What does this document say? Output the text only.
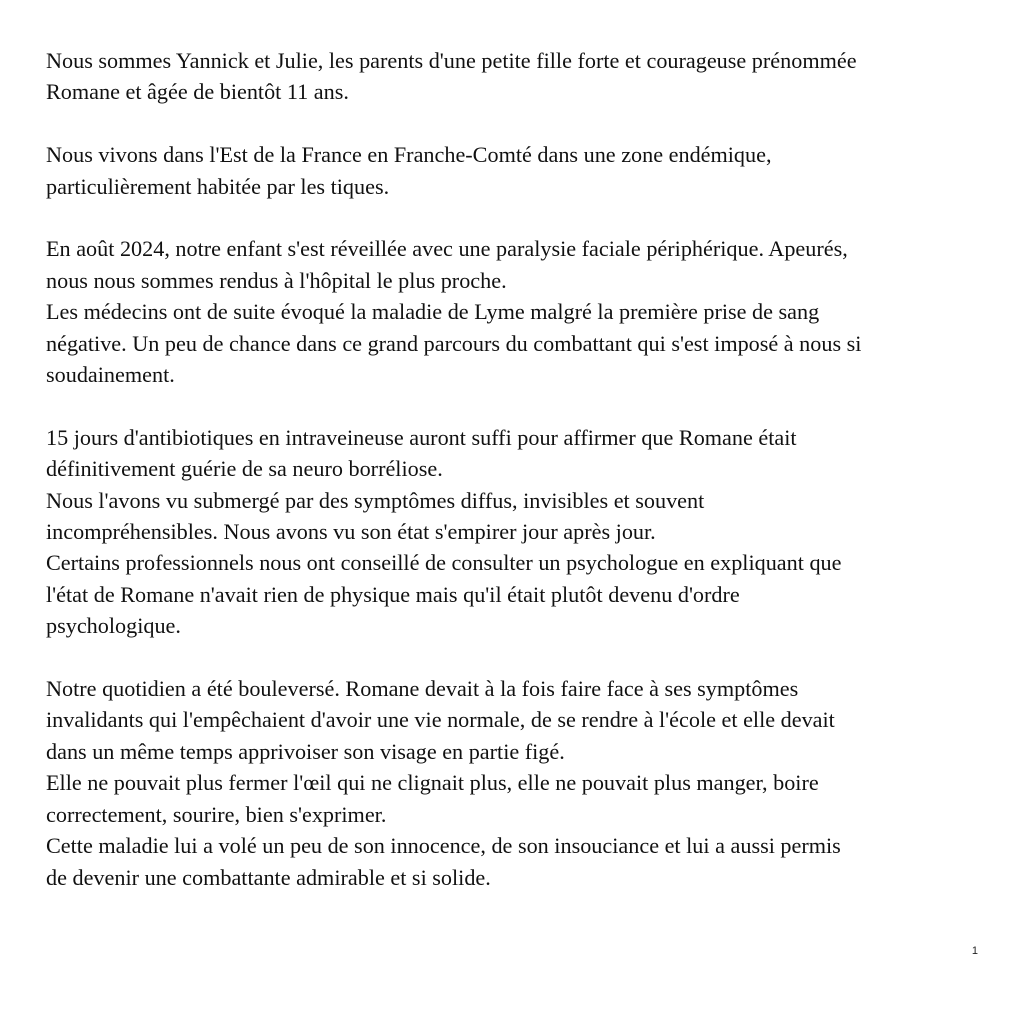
Nous sommes Yannick et Julie, les parents d'une petite fille forte et courageuse prénommée
Romane et âgée de bientôt 11 ans.

Nous vivons dans l'Est de la France en Franche-Comté dans une zone endémique,
particulièrement habitée par les tiques.

En août 2024, notre enfant s'est réveillée avec une paralysie faciale périphérique. Apeurés,
nous nous sommes rendus à l'hôpital le plus proche.
Les médecins ont de suite évoqué la maladie de Lyme malgré la première prise de sang
négative. Un peu de chance dans ce grand parcours du combattant qui s'est imposé à nous si
soudainement.

15 jours d'antibiotiques en intraveineuse auront suffi pour affirmer que Romane était
définitivement guérie de sa neuro borréliose.
Nous l'avons vu submergé par des symptômes diffus, invisibles et souvent
incompréhensibles. Nous avons vu son état s'empirer jour après jour.
Certains professionnels nous ont conseillé de consulter un psychologue en expliquant que
l'état de Romane n'avait rien de physique mais qu'il était plutôt devenu d'ordre
psychologique.

Notre quotidien a été bouleversé. Romane devait à la fois faire face à ses symptômes
invalidants qui l'empêchaient d'avoir une vie normale, de se rendre à l'école et elle devait
dans un même temps apprivoiser son visage en partie figé.
Elle ne pouvait plus fermer l'œil qui ne clignait plus, elle ne pouvait plus manger, boire
correctement, sourire, bien s'exprimer.
Cette maladie lui a volé un peu de son innocence, de son insouciance et lui a aussi permis
de devenir une combattante admirable et si solide.

1
